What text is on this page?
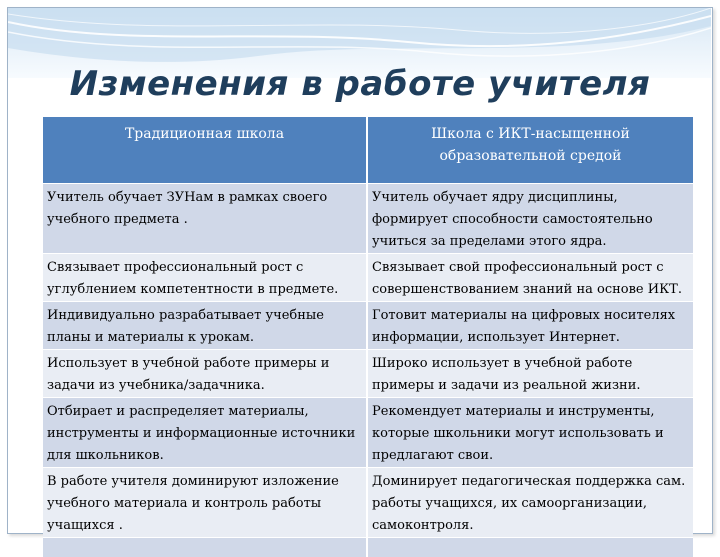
Изменения в работе учителя
Традиционная школа	Школа с ИКТ-насыщенной образовательной средой
Учитель обучает ЗУНам в рамках своего учебного предмета .	Учитель обучает ядру дисциплины, формирует способности самостоятельно учиться за пределами этого ядра.
Связывает профессиональный рост с углублением компетентности в предмете.	Связывает свой профессиональный рост с совершенствованием знаний на основе ИКТ.
Индивидуально разрабатывает учебные планы и материалы к урокам.	Готовит материалы на цифровых носителях информации, использует Интернет.
Использует в учебной работе примеры и задачи из учебника/задачника.	Широко использует в учебной работе примеры и задачи из реальной жизни.
Отбирает и распределяет материалы, инструменты и информационные источники для школьников.	Рекомендует материалы и инструменты, которые школьники могут использовать и предлагают свои.
В работе учителя доминируют изложение учебного материала и контроль работы учащихся .	Доминирует педагогическая поддержка сам. работы учащихся, их самоорганизации, самоконтроля.
